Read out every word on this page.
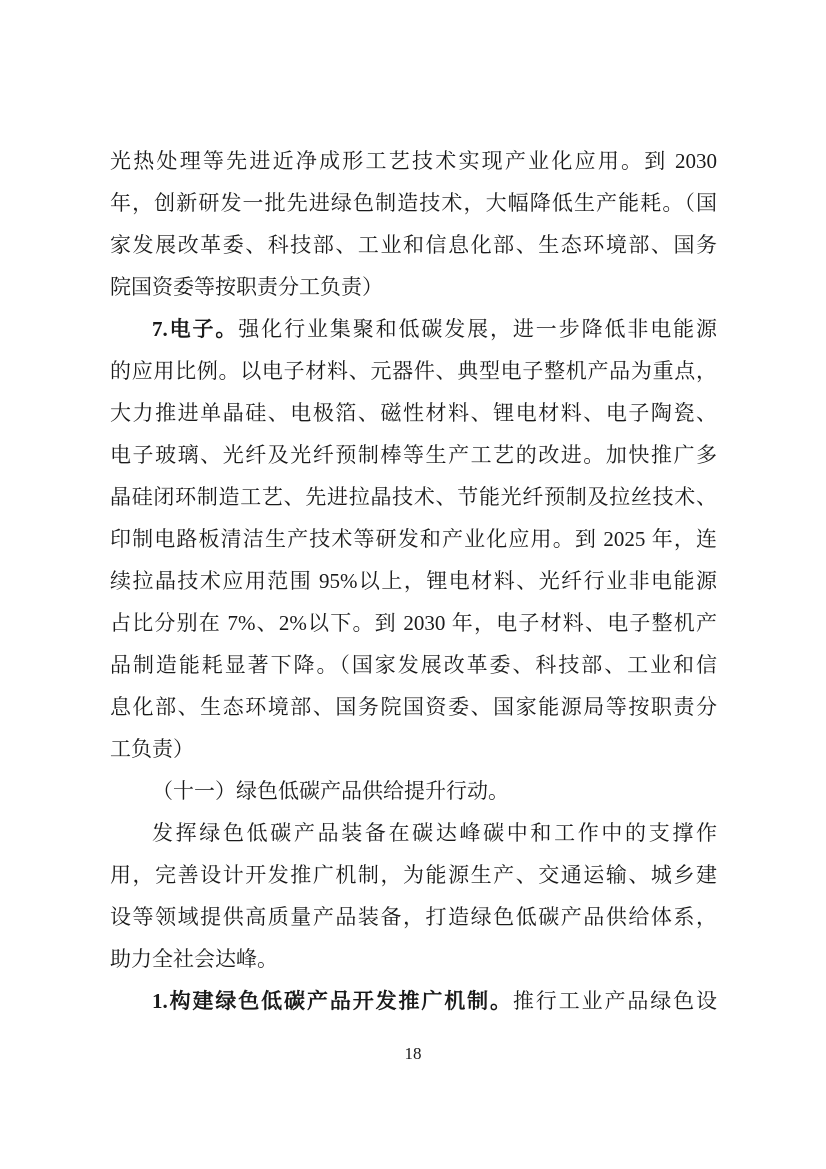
光热处理等先进近净成形工艺技术实现产业化应用。到 2030
年，创新研发一批先进绿色制造技术，大幅降低生产能耗。（国
家发展改革委、科技部、工业和信息化部、生态环境部、国务
院国资委等按职责分工负责）
7.电子。强化行业集聚和低碳发展，进一步降低非电能源
的应用比例。以电子材料、元器件、典型电子整机产品为重点，
大力推进单晶硅、电极箔、磁性材料、锂电材料、电子陶瓷、
电子玻璃、光纤及光纤预制棒等生产工艺的改进。加快推广多
晶硅闭环制造工艺、先进拉晶技术、节能光纤预制及拉丝技术、
印制电路板清洁生产技术等研发和产业化应用。到 2025 年，连
续拉晶技术应用范围 95%以上，锂电材料、光纤行业非电能源
占比分别在 7%、2%以下。到 2030 年，电子材料、电子整机产
品制造能耗显著下降。（国家发展改革委、科技部、工业和信
息化部、生态环境部、国务院国资委、国家能源局等按职责分
工负责）
（十一）绿色低碳产品供给提升行动。
发挥绿色低碳产品装备在碳达峰碳中和工作中的支撑作
用，完善设计开发推广机制，为能源生产、交通运输、城乡建
设等领域提供高质量产品装备，打造绿色低碳产品供给体系，
助力全社会达峰。
1.构建绿色低碳产品开发推广机制。推行工业产品绿色设
18
